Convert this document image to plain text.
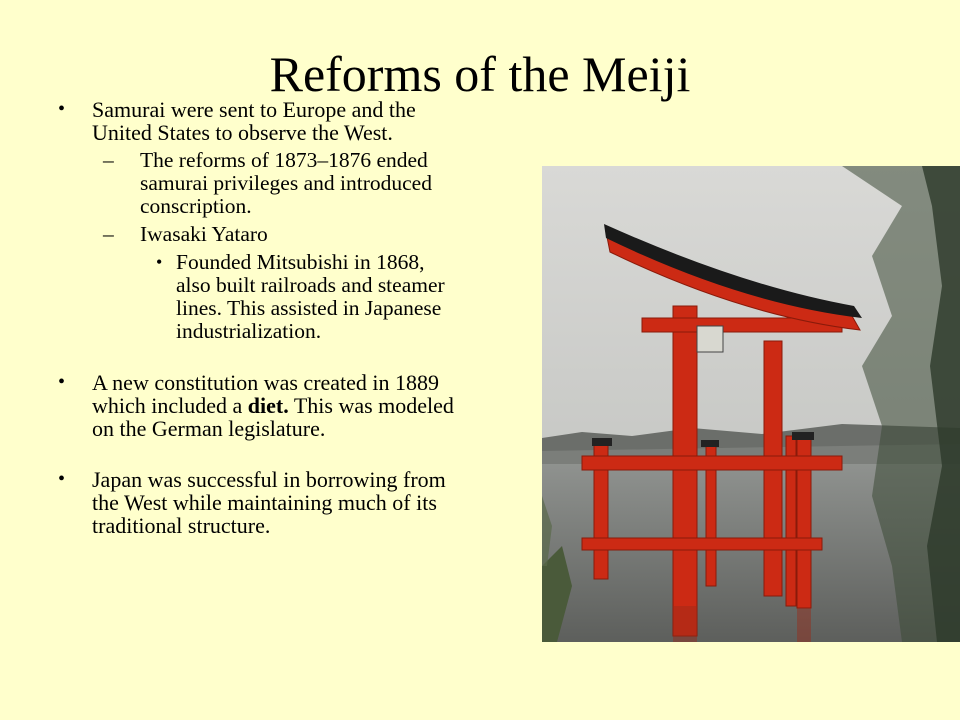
Reforms of the Meiji
• Samurai were sent to Europe and the United States to observe the West.
– The reforms of 1873–1876 ended samurai privileges and introduced conscription.
– Iwasaki Yataro
• Founded Mitsubishi in 1868, also built railroads and steamer lines. This assisted in Japanese industrialization.
• A new constitution was created in 1889 which included a diet. This was modeled on the German legislature.
• Japan was successful in borrowing from the West while maintaining much of its traditional structure.
